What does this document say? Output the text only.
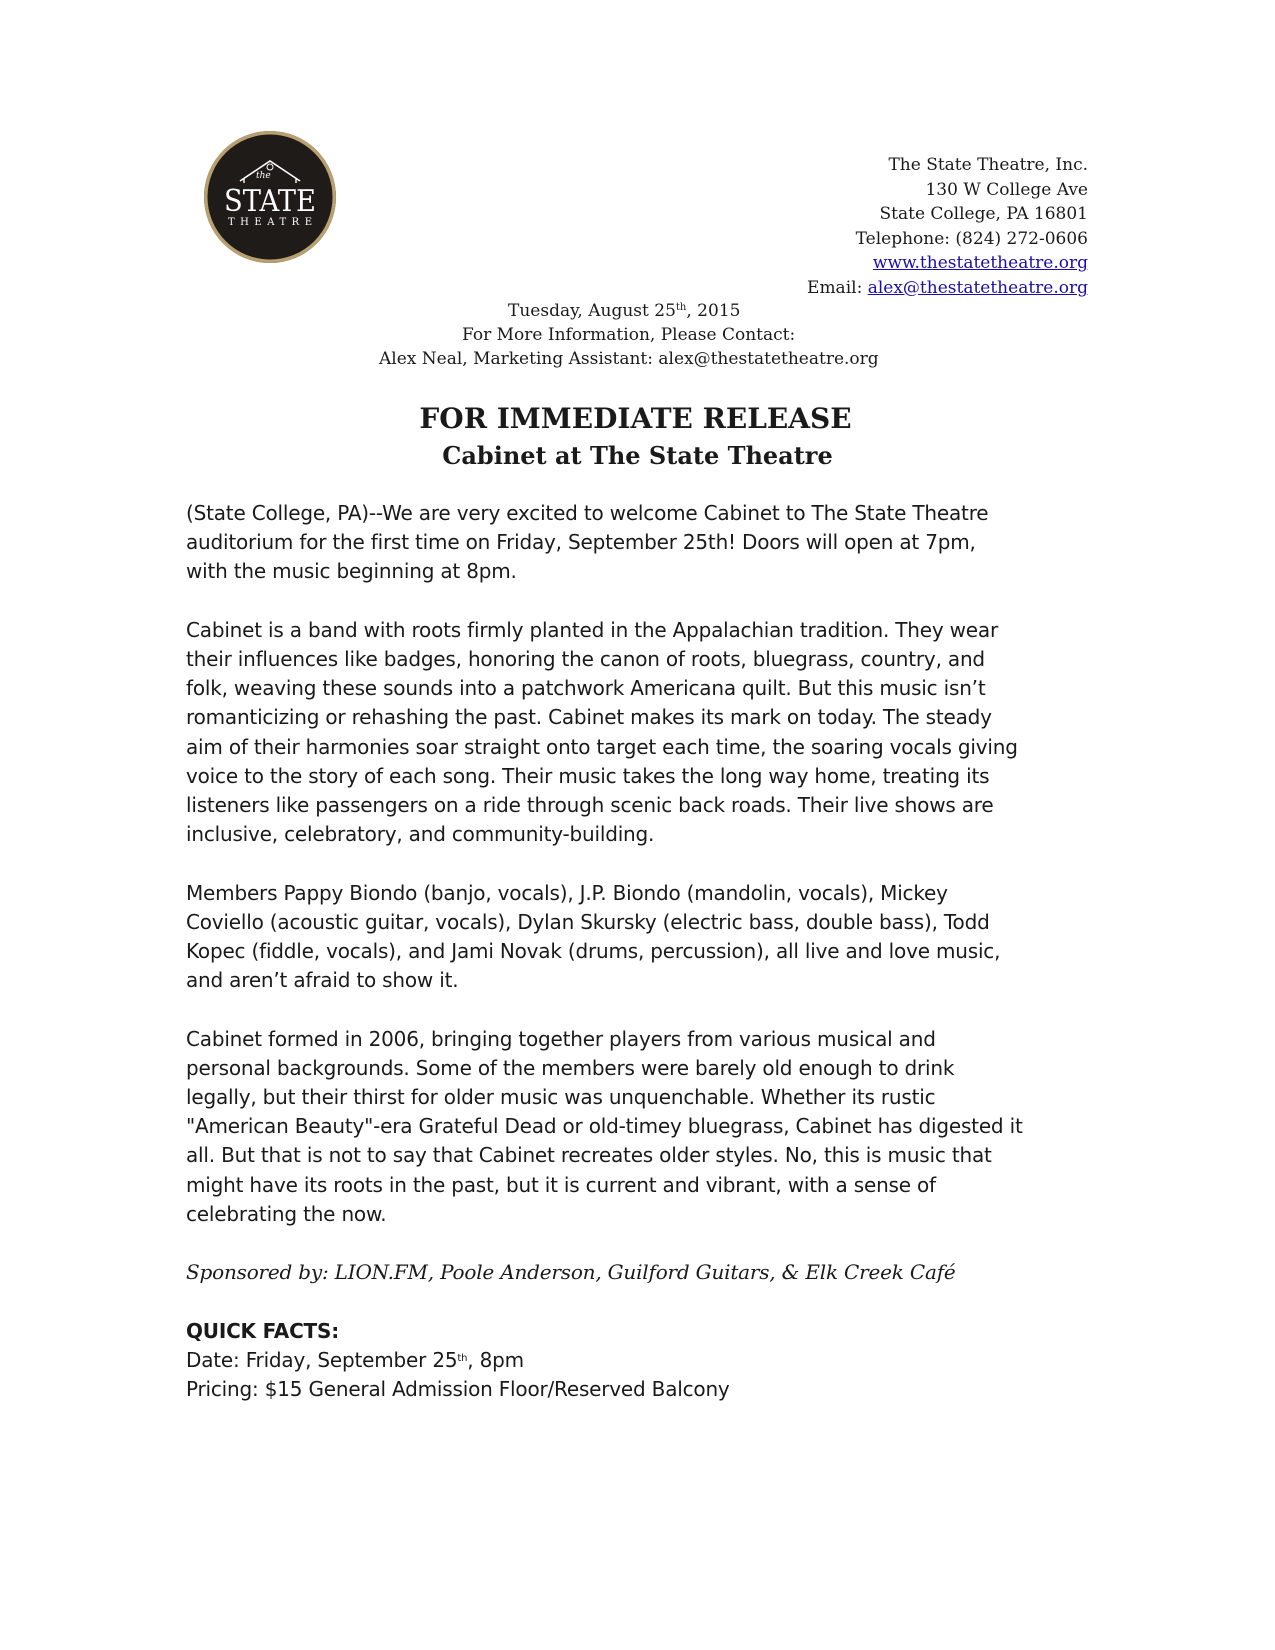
the
STATE
THEATRE
The State Theatre, Inc.
130 W College Ave
State College, PA 16801
Telephone: (824) 272-0606
www.thestatetheatre.org
Email: alex@thestatetheatre.org
Tuesday, August 25th, 2015
For More Information, Please Contact:
Alex Neal, Marketing Assistant: alex@thestatetheatre.org
FOR IMMEDIATE RELEASE
Cabinet at The State Theatre

(State College, PA)--We are very excited to welcome Cabinet to The State Theatre
auditorium for the first time on Friday, September 25th! Doors will open at 7pm,
with the music beginning at 8pm.

Cabinet is a band with roots firmly planted in the Appalachian tradition. They wear
their influences like badges, honoring the canon of roots, bluegrass, country, and
folk, weaving these sounds into a patchwork Americana quilt. But this music isn’t
romanticizing or rehashing the past. Cabinet makes its mark on today. The steady
aim of their harmonies soar straight onto target each time, the soaring vocals giving
voice to the story of each song. Their music takes the long way home, treating its
listeners like passengers on a ride through scenic back roads. Their live shows are
inclusive, celebratory, and community-building.

Members Pappy Biondo (banjo, vocals), J.P. Biondo (mandolin, vocals), Mickey
Coviello (acoustic guitar, vocals), Dylan Skursky (electric bass, double bass), Todd
Kopec (fiddle, vocals), and Jami Novak (drums, percussion), all live and love music,
and aren’t afraid to show it.

Cabinet formed in 2006, bringing together players from various musical and
personal backgrounds. Some of the members were barely old enough to drink
legally, but their thirst for older music was unquenchable. Whether its rustic
"American Beauty"-era Grateful Dead or old-timey bluegrass, Cabinet has digested it
all. But that is not to say that Cabinet recreates older styles. No, this is music that
might have its roots in the past, but it is current and vibrant, with a sense of
celebrating the now.

Sponsored by: LION.FM, Poole Anderson, Guilford Guitars, & Elk Creek Café

QUICK FACTS:
Date: Friday, September 25th, 8pm
Pricing: $15 General Admission Floor/Reserved Balcony
